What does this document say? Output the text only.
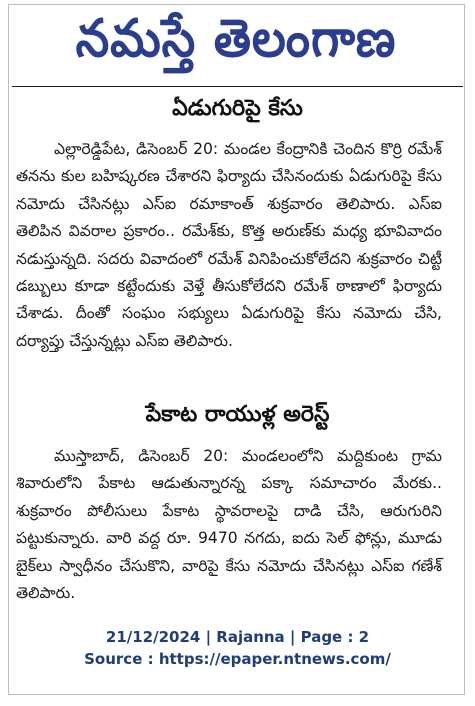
నమస్తే తెలంగాణ
ఏడుగురిపై కేసు
ఎల్లారెడ్డిపేట, డిసెంబర్ 20: మండల కేంద్రానికి చెందిన కొర్రి రమేశ్ తనను కుల బహిష్కరణ చేశారని ఫిర్యాదు చేసినందుకు ఏడుగురిపై కేసు నమోదు చేసినట్లు ఎస్ఐ రమాకాంత్ శుక్రవారం తెలిపారు. ఎస్ఐ తెలిపిన వివరాల ప్రకారం.. రమేశ్‌కు, కొత్త అరుణ్‌కు మధ్య భూవివాదం నడుస్తున్నది. సదరు వివాదంలో రమేశ్ వినిపించుకోలేదని శుక్రవారం చిట్టీ డబ్బులు కూడా కట్టేందుకు వెళ్తే తీసుకోలేదని రమేశ్ ఠాణాలో ఫిర్యాదు చేశాడు. దీంతో సంఘం సభ్యులు ఏడుగురిపై కేసు నమోదు చేసి, దర్యాప్తు చేస్తున్నట్లు ఎస్ఐ తెలిపారు.
పేకాట రాయుళ్ల అరెస్ట్
ముస్తాబాద్, డిసెంబర్ 20: మండలంలోని మద్దికుంట గ్రామ శివారులోని పేకాట ఆడుతున్నారన్న పక్కా సమాచారం మేరకు.. శుక్రవారం పోలీసులు పేకాట స్థావరాలపై దాడి చేసి, ఆరుగురిని పట్టుకున్నారు. వారి వద్ద రూ. 9470 నగదు, ఐదు సెల్ ఫోన్లు, మూడు బైక్‌లు స్వాధీనం చేసుకొని, వారిపై కేసు నమోదు చేసినట్లు ఎస్ఐ గణేశ్ తెలిపారు.
21/12/2024 | Rajanna | Page : 2
Source : https://epaper.ntnews.com/
